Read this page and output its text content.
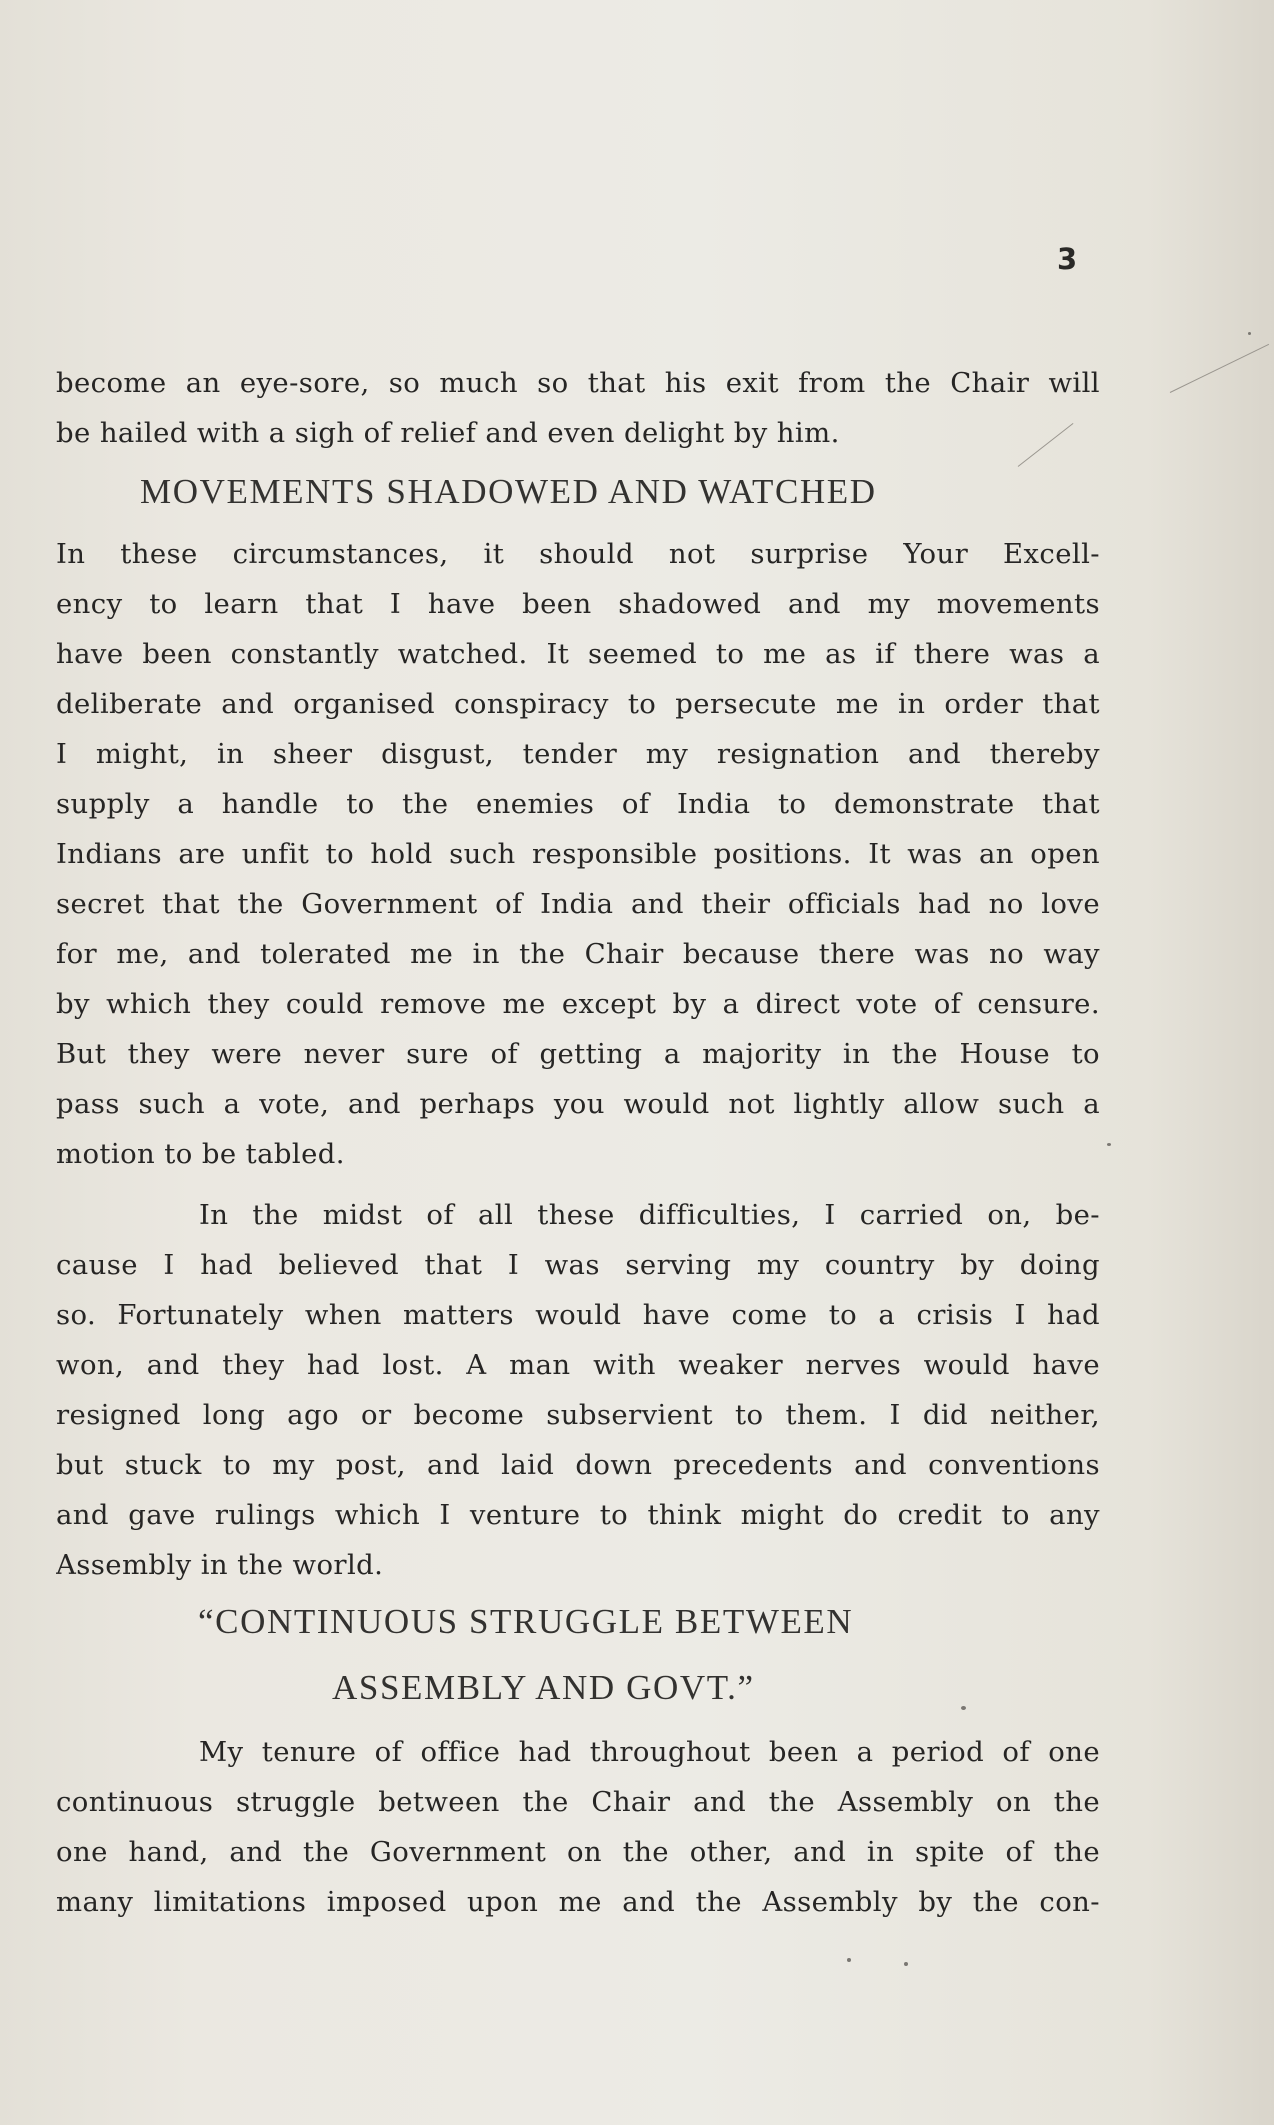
3
become an eye-sore, so much so that his exit from the Chair will
be hailed with a sigh of relief and even delight by him.
MOVEMENTS SHADOWED AND WATCHED
In these circumstances, it should not surprise Your Excell-
ency to learn that I have been shadowed and my movements
have been constantly watched. It seemed to me as if there was a
deliberate and organised conspiracy to persecute me in order that
I might, in sheer disgust, tender my resignation and thereby
supply a handle to the enemies of India to demonstrate that
Indians are unfit to hold such responsible positions. It was an open
secret that the Government of India and their officials had no love
for me, and tolerated me in the Chair because there was no way
by which they could remove me except by a direct vote of censure.
But they were never sure of getting a majority in the House to
pass such a vote, and perhaps you would not lightly allow such a
motion to be tabled.
In the midst of all these difficulties, I carried on, be-
cause I had believed that I was serving my country by doing
so. Fortunately when matters would have come to a crisis I had
won, and they had lost. A man with weaker nerves would have
resigned long ago or become subservient to them. I did neither,
but stuck to my post, and laid down precedents and conventions
and gave rulings which I venture to think might do credit to any
Assembly in the world.
“CONTINUOUS STRUGGLE BETWEEN
ASSEMBLY AND GOVT.”
My tenure of office had throughout been a period of one
continuous struggle between the Chair and the Assembly on the
one hand, and the Government on the other, and in spite of the
many limitations imposed upon me and the Assembly by the con-
